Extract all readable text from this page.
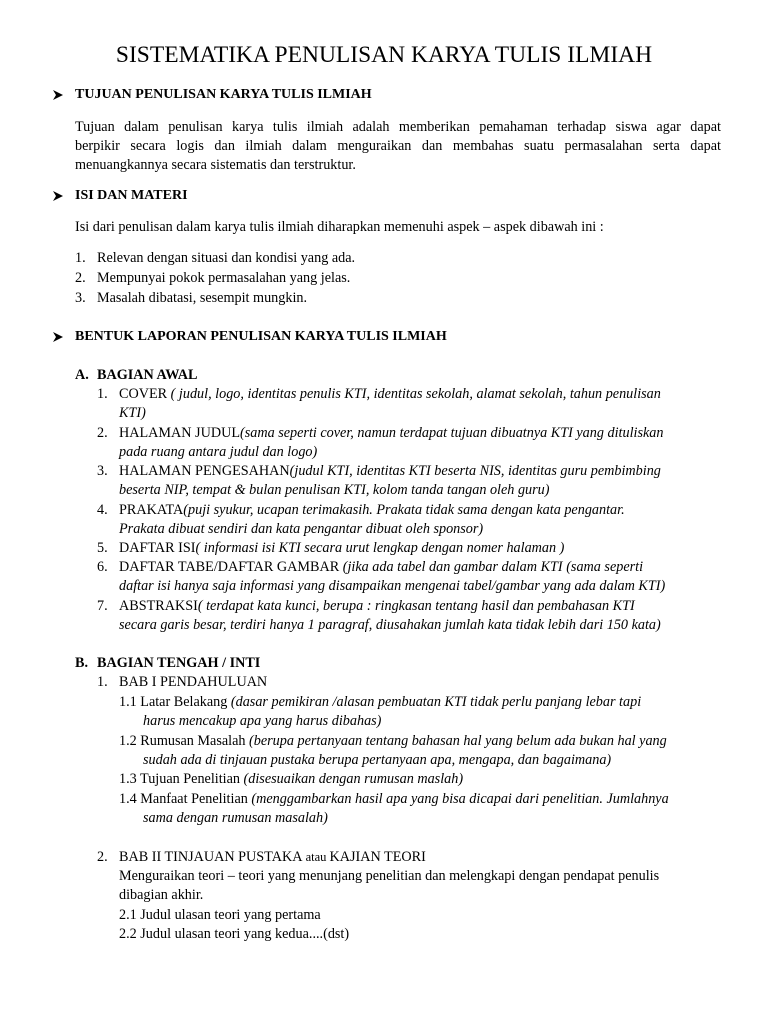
SISTEMATIKA PENULISAN KARYA TULIS ILMIAH
TUJUAN PENULISAN KARYA TULIS ILMIAH
Tujuan dalam penulisan karya tulis ilmiah adalah memberikan pemahaman terhadap siswa agar dapat
berpikir secara logis dan ilmiah dalam menguraikan dan membahas suatu permasalahan serta dapat
menuangkannya secara sistematis dan terstruktur.
ISI DAN MATERI
Isi dari penulisan dalam karya tulis ilmiah diharapkan memenuhi aspek – aspek dibawah ini :
1. Relevan dengan situasi dan kondisi yang ada.
2. Mempunyai pokok permasalahan yang jelas.
3. Masalah dibatasi, sesempit mungkin.
BENTUK LAPORAN PENULISAN KARYA TULIS ILMIAH
A. BAGIAN AWAL
1. COVER ( judul, logo, identitas penulis KTI, identitas sekolah, alamat sekolah, tahun penulisan
KTI)
2. HALAMAN JUDUL(sama seperti cover, namun terdapat tujuan dibuatnya KTI yang dituliskan
pada ruang antara judul dan logo)
3. HALAMAN PENGESAHAN(judul KTI, identitas KTI beserta NIS, identitas guru pembimbing
beserta NIP, tempat & bulan penulisan KTI, kolom tanda tangan oleh guru)
4. PRAKATA(puji syukur, ucapan terimakasih. Prakata tidak sama dengan kata pengantar.
Prakata dibuat sendiri dan kata pengantar dibuat oleh sponsor)
5. DAFTAR ISI( informasi isi KTI secara urut lengkap dengan nomer halaman )
6. DAFTAR TABE/DAFTAR GAMBAR (jika ada tabel dan gambar dalam KTI (sama seperti
daftar isi hanya saja informasi yang disampaikan mengenai tabel/gambar yang ada dalam KTI)
7. ABSTRAKSI( terdapat kata kunci, berupa : ringkasan tentang hasil dan pembahasan KTI
secara garis besar, terdiri hanya 1 paragraf, diusahakan jumlah kata tidak lebih dari 150 kata)
B. BAGIAN TENGAH / INTI
1. BAB I PENDAHULUAN
1.1 Latar Belakang (dasar pemikiran /alasan pembuatan KTI tidak perlu panjang lebar tapi
harus mencakup apa yang harus dibahas)
1.2 Rumusan Masalah (berupa pertanyaan tentang bahasan hal yang belum ada bukan hal yang
sudah ada di tinjauan pustaka berupa pertanyaan apa, mengapa, dan bagaimana)
1.3 Tujuan Penelitian (disesuaikan dengan rumusan maslah)
1.4 Manfaat Penelitian (menggambarkan hasil apa yang bisa dicapai dari penelitian. Jumlahnya
sama dengan rumusan masalah)
2. BAB II TINJAUAN PUSTAKA atau KAJIAN TEORI
Menguraikan teori – teori yang menunjang penelitian dan melengkapi dengan pendapat penulis
dibagian akhir.
2.1 Judul ulasan teori yang pertama
2.2 Judul ulasan teori yang kedua....(dst)
